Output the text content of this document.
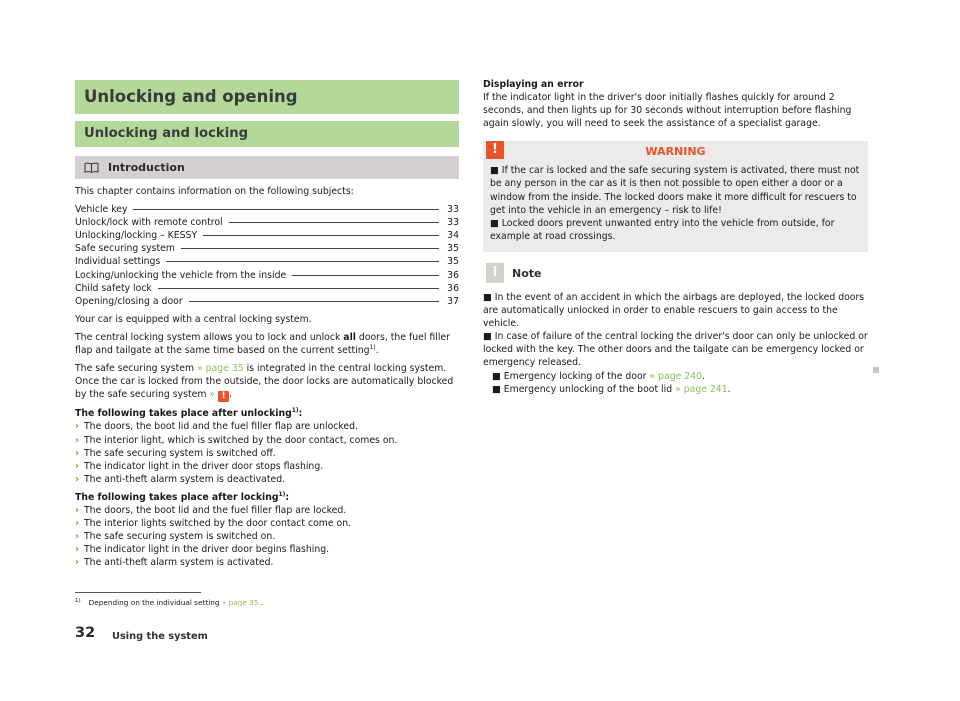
Unlocking and opening
Unlocking and locking
Introduction

This chapter contains information on the following subjects:

Vehicle key	33
Unlock/lock with remote control	33
Unlocking/locking – KESSY	34
Safe securing system	35
Individual settings	35
Locking/unlocking the vehicle from the inside	36
Child safety lock	36
Opening/closing a door	37

Your car is equipped with a central locking system.

The central locking system allows you to lock and unlock all doors, the fuel filler flap and tailgate at the same time based on the current setting$^{1)}$.

The safe securing system » page 35 is integrated in the central locking system. Once the car is locked from the outside, the door locks are automatically blocked by the safe securing system » ! .

The following takes place after unlocking$^{1)}$:

› The doors, the boot lid and the fuel filler flap are unlocked.
› The interior light, which is switched by the door contact, comes on.
› The safe securing system is switched off.
› The indicator light in the driver door stops flashing.
› The anti-theft alarm system is deactivated.

The following takes place after locking$^{1)}$:

› The doors, the boot lid and the fuel filler flap are locked.
› The interior lights switched by the door contact come on.
› The safe securing system is switched on.
› The indicator light in the driver door begins flashing.
› The anti-theft alarm system is activated.

Displaying an error

If the indicator light in the driver's door initially flashes quickly for around 2 seconds, and then lights up for 30 seconds without interruption before flashing again slowly, you will need to seek the assistance of a specialist garage.

!	WARNING

■ If the car is locked and the safe securing system is activated, there must not be any person in the car as it is then not possible to open either a door or a window from the inside. The locked doors make it more difficult for rescuers to get into the vehicle in an emergency – risk to life!

■ Locked doors prevent unwanted entry into the vehicle from outside, for example at road crossings.

i	Note

■ In the event of an accident in which the airbags are deployed, the locked doors are automatically unlocked in order to enable rescuers to gain access to the vehicle.

■ In case of failure of the central locking the driver's door can only be unlocked or locked with the key. The other doors and the tailgate can be emergency locked or emergency released.

■ Emergency locking of the door » page 240.

■ Emergency unlocking of the boot lid » page 241.

$^{1)}$ Depending on the individual setting » page 35 .
32 Using the system
